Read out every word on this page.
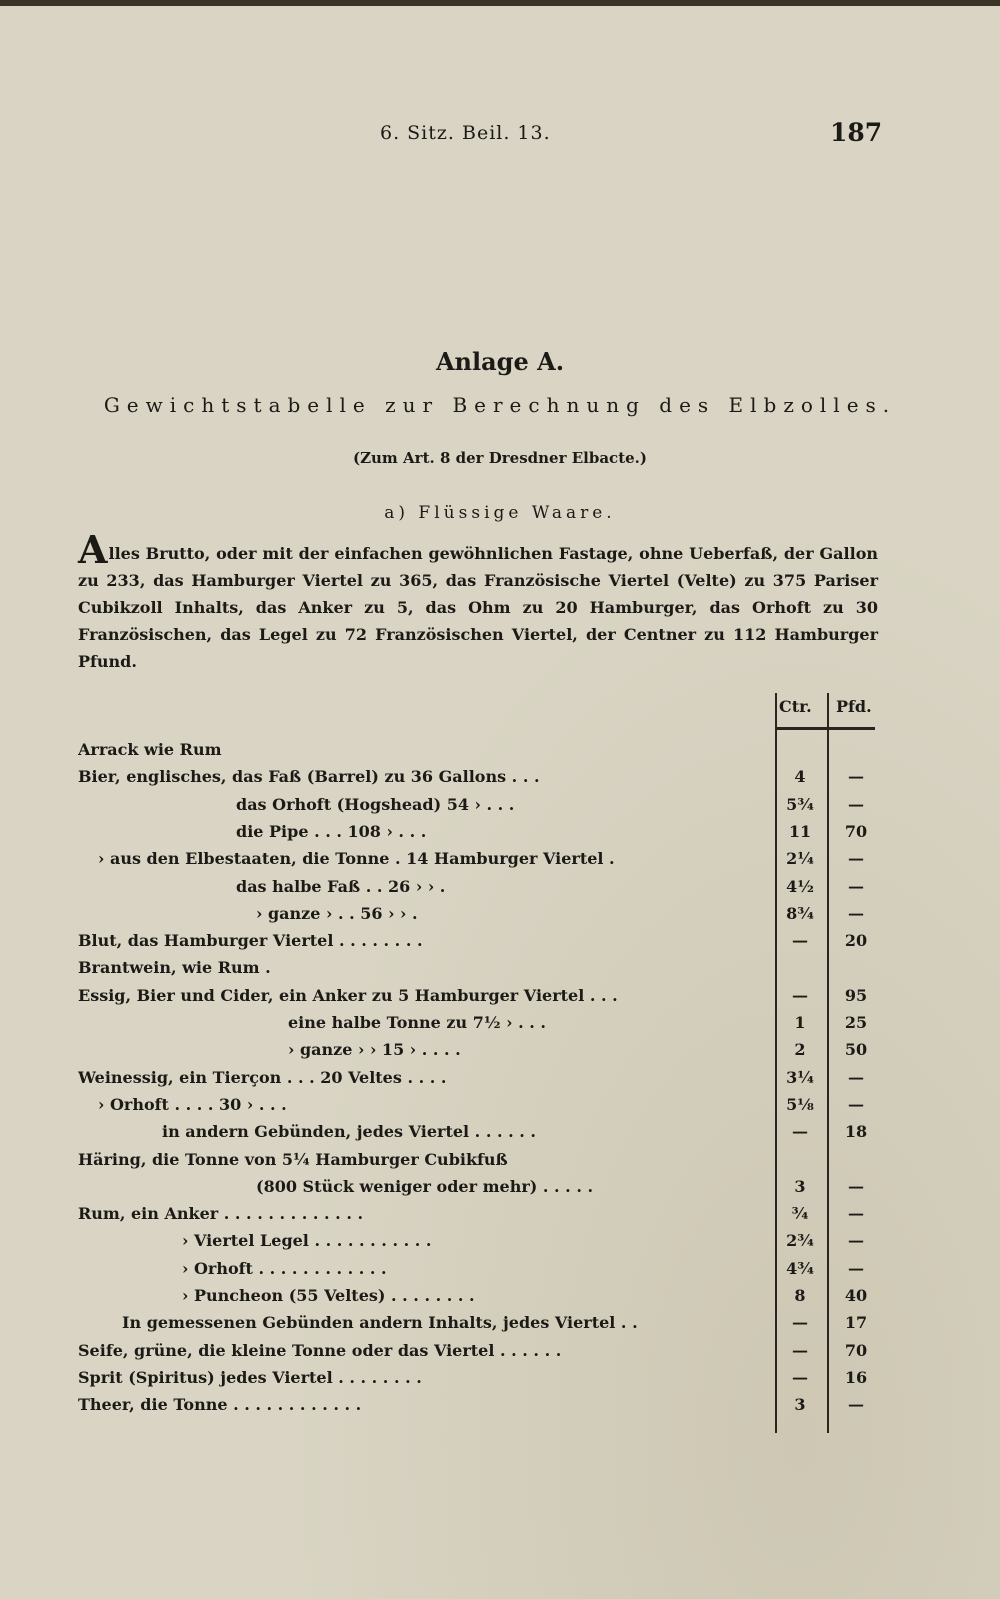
6. Sitz. Beil. 13.	187
Anlage A.
Gewichtstabelle zur Berechnung des Elbzolles.
(Zum Art. 8 der Dresdner Elbacte.)
a) Flüssige Waare.
Alles Brutto, oder mit der einfachen gewöhnlichen Fastage, ohne Ueberfaß, der Gallon zu 233, das Hamburger Viertel zu 365, das Französische Viertel (Velte) zu 375 Pariser Cubikzoll Inhalts, das Anker zu 5, das Ohm zu 20 Hamburger, das Orhoft zu 30 Französischen, das Legel zu 72 Französischen Viertel, der Centner zu 112 Hamburger Pfund.
Ctr. Pfd.
Arrack wie Rum
Bier, englisches, das Faß (Barrel) zu 36 Gallons . . .	4	—
das Orhoft (Hogshead) 54 › . . .	5¾	—
die Pipe . . . 108 › . . .	11	70
› aus den Elbestaaten, die Tonne . 14 Hamburger Viertel .	2¼	—
das halbe Faß . . 26 › › .	4½	—
› ganze › . . 56 › › .	8¾	—
Blut, das Hamburger Viertel . . . . . . . .	—	20
Brantwein, wie Rum .
Essig, Bier und Cider, ein Anker zu 5 Hamburger Viertel . . .	—	95
eine halbe Tonne zu 7½ › . . .	1	25
› ganze › › 15 › . . . .	2	50
Weinessig, ein Tierçon . . . 20 Veltes . . . .	3¼	—
› Orhoft . . . . 30 › . . .	5⅛	—
in andern Gebünden, jedes Viertel . . . . . .	—	18
Häring, die Tonne von 5¼ Hamburger Cubikfuß
(800 Stück weniger oder mehr) . . . . .	3	—
Rum, ein Anker . . . . . . . . . . . . .	¾	—
› Viertel Legel . . . . . . . . . . .	2¾	—
› Orhoft . . . . . . . . . . . .	4¾	—
› Puncheon (55 Veltes) . . . . . . . .	8	40
In gemessenen Gebünden andern Inhalts, jedes Viertel . .	—	17
Seife, grüne, die kleine Tonne oder das Viertel . . . . . .	—	70
Sprit (Spiritus) jedes Viertel . . . . . . . .	—	16
Theer, die Tonne . . . . . . . . . . . .	3	—
